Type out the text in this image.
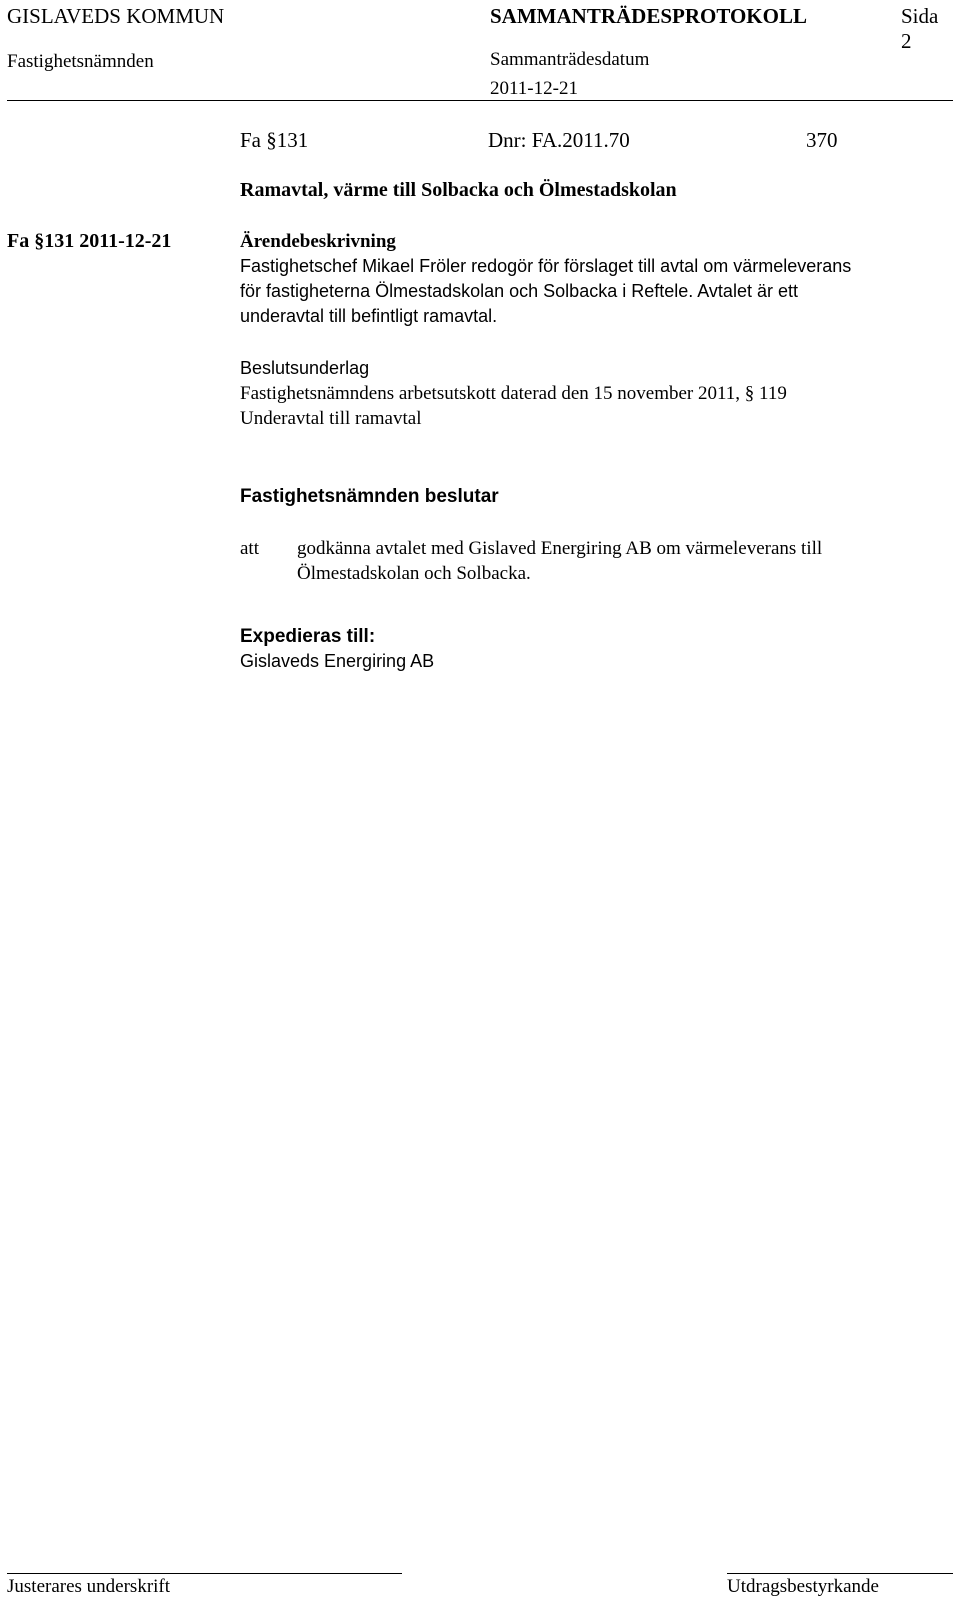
GISLAVEDS KOMMUN
Fastighetsnämnden
SAMMANTRÄDESPROTOKOLL
Sammanträdesdatum
2011-12-21
Sida
2
Fa §131	Dnr: FA.2011.70	370
Ramavtal, värme till Solbacka och Ölmestadskolan
Fa §131 2011-12-21	Ärendebeskrivning
Fastighetschef Mikael Fröler redogör för förslaget till avtal om värmeleverans
för fastigheterna Ölmestadskolan och Solbacka i Reftele. Avtalet är ett
underavtal till befintligt ramavtal.
Beslutsunderlag
Fastighetsnämndens arbetsutskott daterad den 15 november 2011, § 119
Underavtal till ramavtal
Fastighetsnämnden beslutar
att godkänna avtalet med Gislaved Energiring AB om värmeleverans till
Ölmestadskolan och Solbacka.
Expedieras till:
Gislaveds Energiring AB
Justerares underskrift	Utdragsbestyrkande
